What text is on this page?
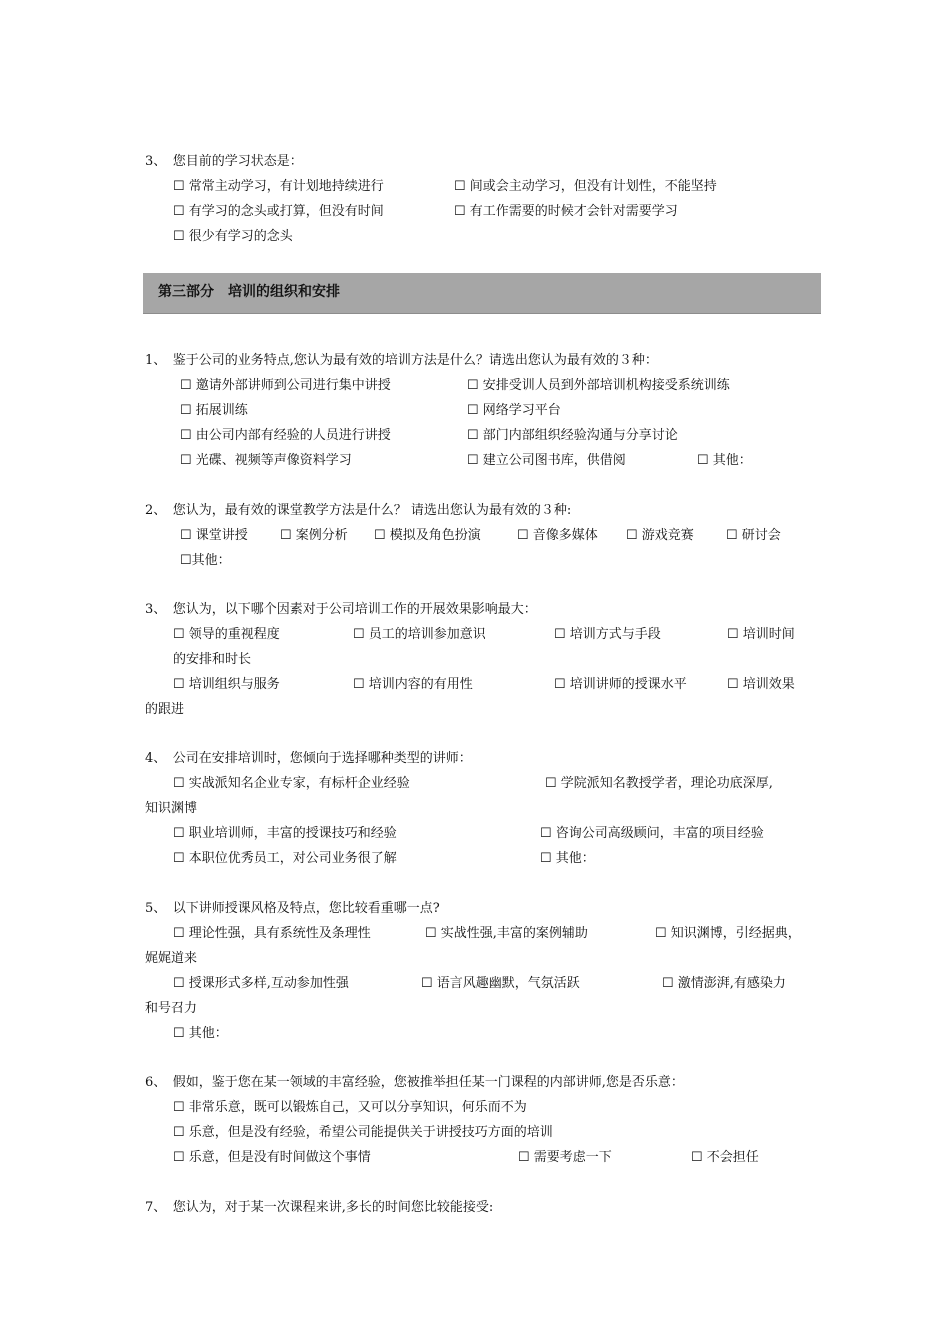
3、　您目前的学习状态是：
☐ 常常主动学习，有计划地持续进行	☐ 间或会主动学习，但没有计划性，不能坚持
☐ 有学习的念头或打算，但没有时间	☐ 有工作需要的时候才会针对需要学习
☐ 很少有学习的念头
第三部分　培训的组织和安排
1、　鉴于公司的业务特点,您认为最有效的培训方法是什么？请选出您认为最有效的３种：
☐ 邀请外部讲师到公司进行集中讲授	☐ 安排受训人员到外部培训机构接受系统训练
☐ 拓展训练	☐ 网络学习平台
☐ 由公司内部有经验的人员进行讲授	☐ 部门内部组织经验沟通与分享讨论
☐ 光碟、视频等声像资料学习	☐ 建立公司图书库，供借阅	☐ 其他：
2、　您认为，最有效的课堂教学方法是什么？ 请选出您认为最有效的３种:
☐ 课堂讲授 ☐ 案例分析 ☐ 模拟及角色扮演	☐ 音像多媒体 ☐ 游戏竞赛 ☐ 研讨会
☐其他：
3、　您认为，以下哪个因素对于公司培训工作的开展效果影响最大：
☐ 领导的重视程度	☐ 员工的培训参加意识	☐ 培训方式与手段	☐ 培训时间
的安排和时长
☐ 培训组织与服务	☐ 培训内容的有用性	☐ 培训讲师的授课水平	☐ 培训效果
的跟进
4、　公司在安排培训时，您倾向于选择哪种类型的讲师：
☐ 实战派知名企业专家，有标杆企业经验	☐ 学院派知名教授学者，理论功底深厚,
知识渊博
☐ 职业培训师，丰富的授课技巧和经验	☐ 咨询公司高级顾问，丰富的项目经验
☐ 本职位优秀员工，对公司业务很了解	☐ 其他：
5、　以下讲师授课风格及特点，您比较看重哪一点?
☐ 理论性强，具有系统性及条理性	☐ 实战性强,丰富的案例辅助	☐ 知识渊博，引经据典，
娓娓道来
☐ 授课形式多样,互动参加性强	☐ 语言风趣幽默，气氛活跃	☐ 激情澎湃,有感染力
和号召力
☐ 其他：
6、　假如，鉴于您在某一领域的丰富经验，您被推举担任某一门课程的内部讲师,您是否乐意：
☐ 非常乐意，既可以锻炼自己，又可以分享知识，何乐而不为
☐ 乐意，但是没有经验，希望公司能提供关于讲授技巧方面的培训
☐ 乐意，但是没有时间做这个事情	☐ 需要考虑一下	☐ 不会担任
7、　您认为，对于某一次课程来讲,多长的时间您比较能接受:
